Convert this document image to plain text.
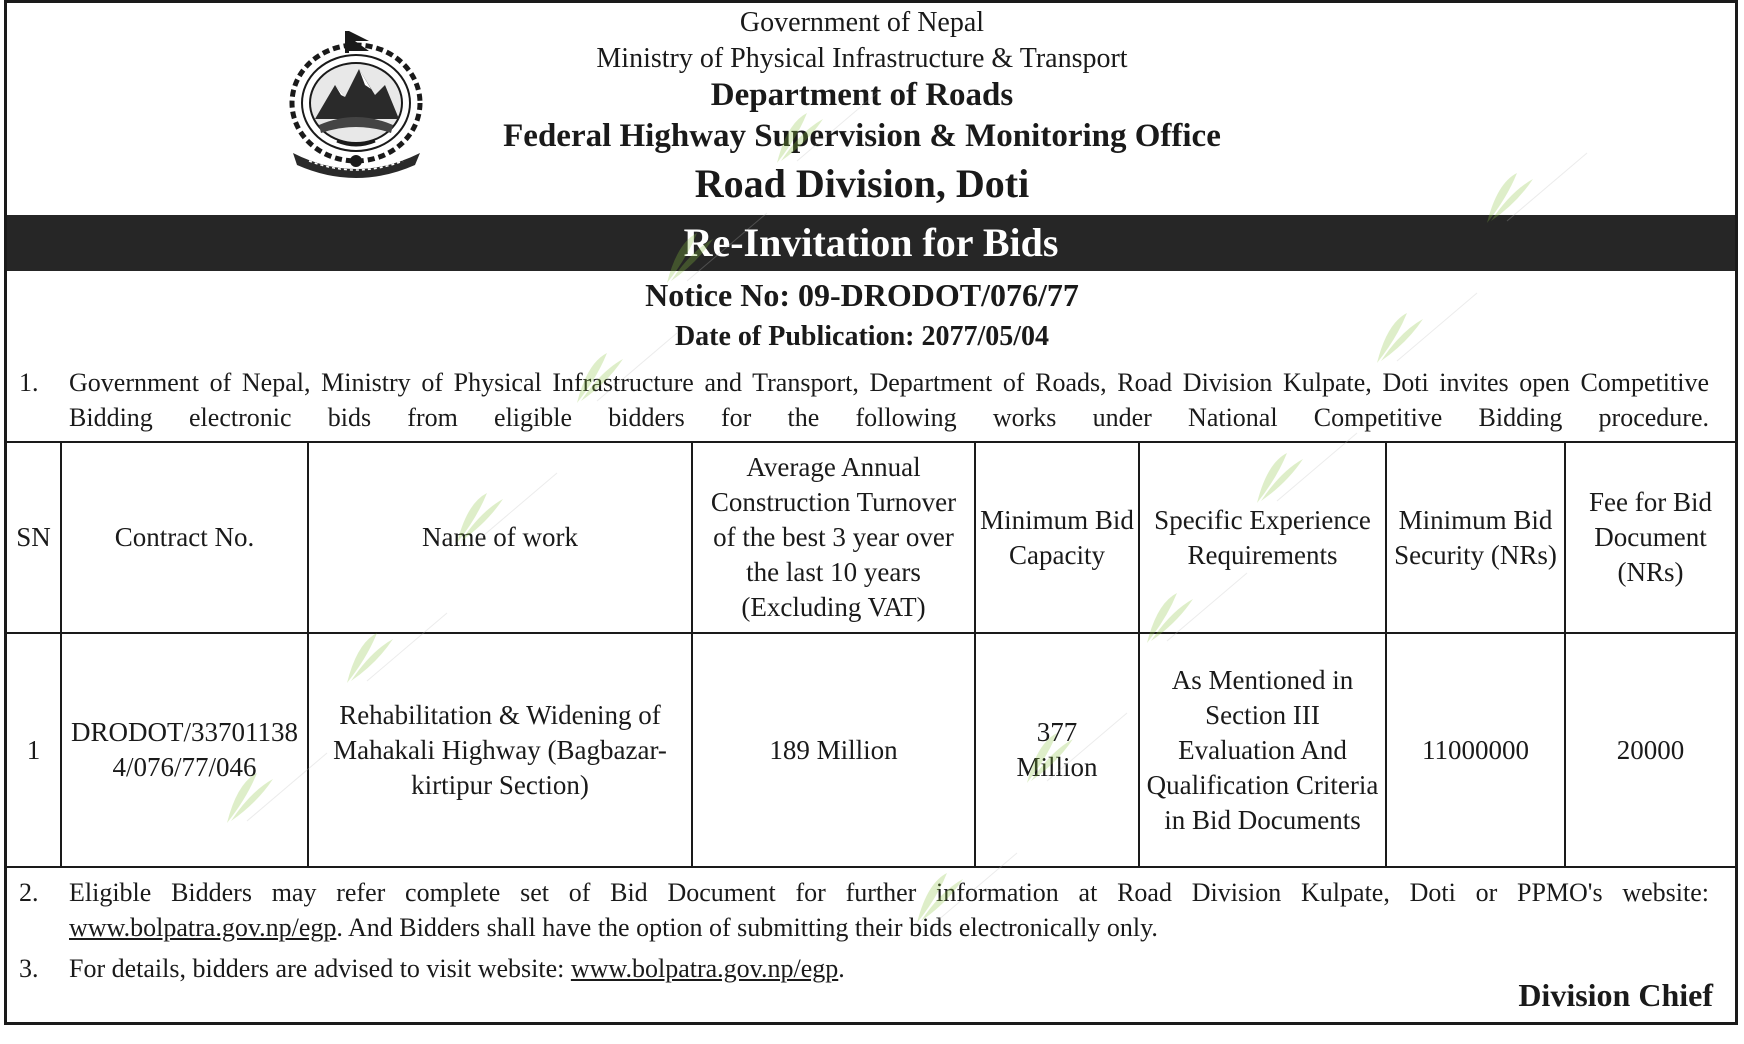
Government of Nepal
Ministry of Physical Infrastructure & Transport
Department of Roads
Federal Highway Supervision & Monitoring Office
Road Division, Doti
Re-Invitation for Bids
Notice No: 09-DRODOT/076/77
Date of Publication: 2077/05/04
1.	Government of Nepal, Ministry of Physical Infrastructure and Transport, Department of Roads, Road Division Kulpate, Doti invites open Competitive Bidding electronic bids from eligible bidders for the following works under National Competitive Bidding procedure.
SN	Contract No.	Name of work	Average Annual Construction Turnover of the best 3 year over the last 10 years (Excluding VAT)	Minimum Bid Capacity	Specific Experience Requirements	Minimum Bid Security (NRs)	Fee for Bid Document (NRs)
1	DRODOT/337011384/076/77/046	Rehabilitation & Widening of Mahakali Highway (Bagbazar- kirtipur Section)	189 Million	377 Million	As Mentioned in Section III Evaluation And Qualification Criteria in Bid Documents	11000000	20000
2.	Eligible Bidders may refer complete set of Bid Document for further information at Road Division Kulpate, Doti or PPMO's website: www.bolpatra.gov.np/egp. And Bidders shall have the option of submitting their bids electronically only.
3.	For details, bidders are advised to visit website: www.bolpatra.gov.np/egp.
Division Chief
